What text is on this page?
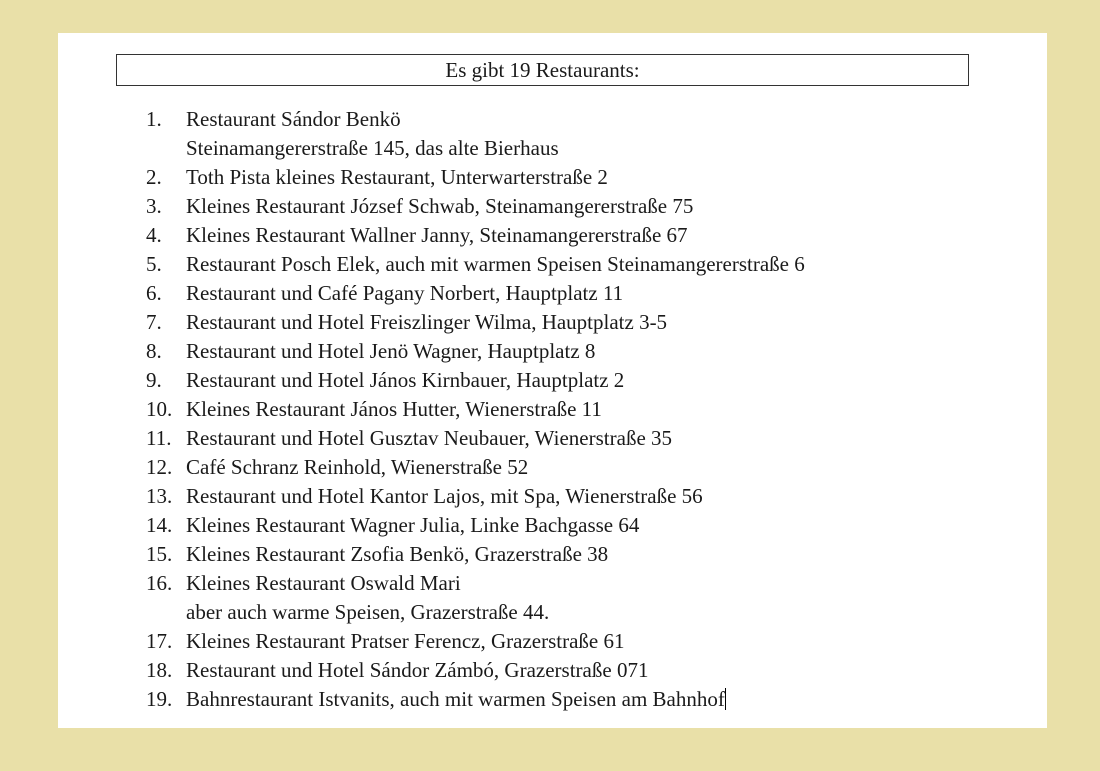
Es gibt 19 Restaurants:
1.	Restaurant Sándor Benkö
Steinamangererstraße 145, das alte Bierhaus
2.	Toth Pista kleines Restaurant, Unterwarterstraße 2
3.	Kleines Restaurant József Schwab, Steinamangererstraße 75
4.	Kleines Restaurant Wallner Janny, Steinamangererstraße 67
5.	Restaurant Posch Elek, auch mit warmen Speisen Steinamangererstraße 6
6.	Restaurant und Café Pagany Norbert, Hauptplatz 11
7.	Restaurant und Hotel Freiszlinger Wilma, Hauptplatz 3-5
8.	Restaurant und Hotel Jenö Wagner, Hauptplatz 8
9.	Restaurant und Hotel János Kirnbauer, Hauptplatz 2
10. Kleines Restaurant János Hutter, Wienerstraße 11
11. Restaurant und Hotel Gusztav Neubauer, Wienerstraße 35
12. Café Schranz Reinhold, Wienerstraße 52
13. Restaurant und Hotel Kantor Lajos, mit Spa, Wienerstraße 56
14. Kleines Restaurant Wagner Julia, Linke Bachgasse 64
15. Kleines Restaurant Zsofia Benkö, Grazerstraße 38
16. Kleines Restaurant Oswald Mari
aber auch warme Speisen, Grazerstraße 44.
17. Kleines Restaurant Pratser Ferencz, Grazerstraße 61
18. Restaurant und Hotel Sándor Zámbó, Grazerstraße 071
19. Bahnrestaurant Istvanits, auch mit warmen Speisen am Bahnhof
